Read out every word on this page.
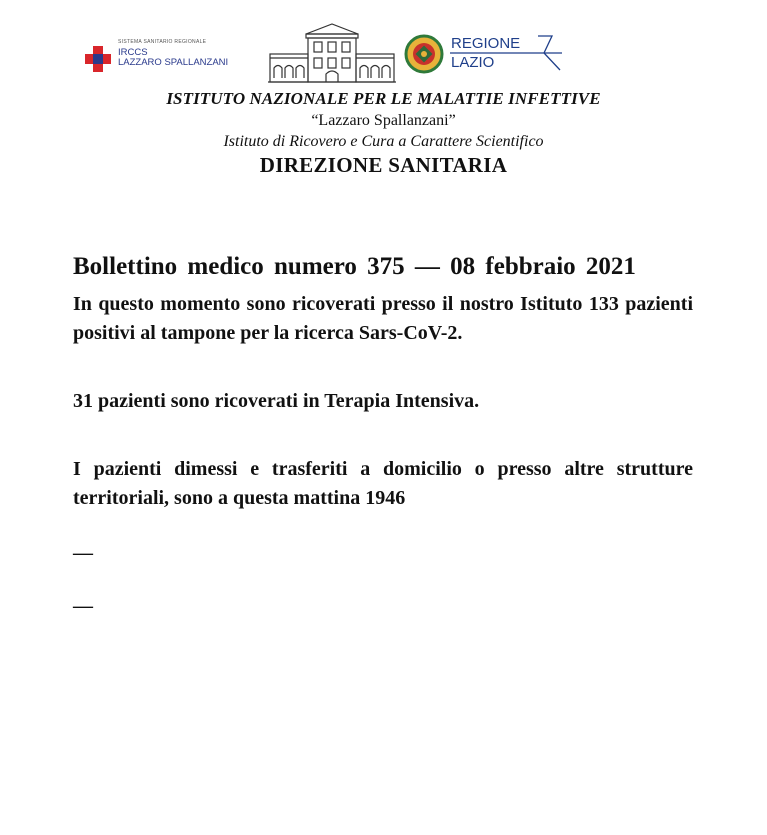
SISTEMA SANITARIO REGIONALE
IRCCS
LAZZARO SPALLANZANI
REGIONE
LAZIO
ISTITUTO NAZIONALE PER LE MALATTIE INFETTIVE
“Lazzaro Spallanzani”
Istituto di Ricovero e Cura a Carattere Scientifico
DIREZIONE SANITARIA

Bollettino medico numero 375 — 08 febbraio 2021

In questo momento sono ricoverati presso il nostro Istituto 133 pazienti positivi al tampone per la ricerca Sars-CoV-2.

31 pazienti sono ricoverati in Terapia Intensiva.

I pazienti dimessi e trasferiti a domicilio o presso altre strutture territoriali, sono a questa mattina 1946

—

—
